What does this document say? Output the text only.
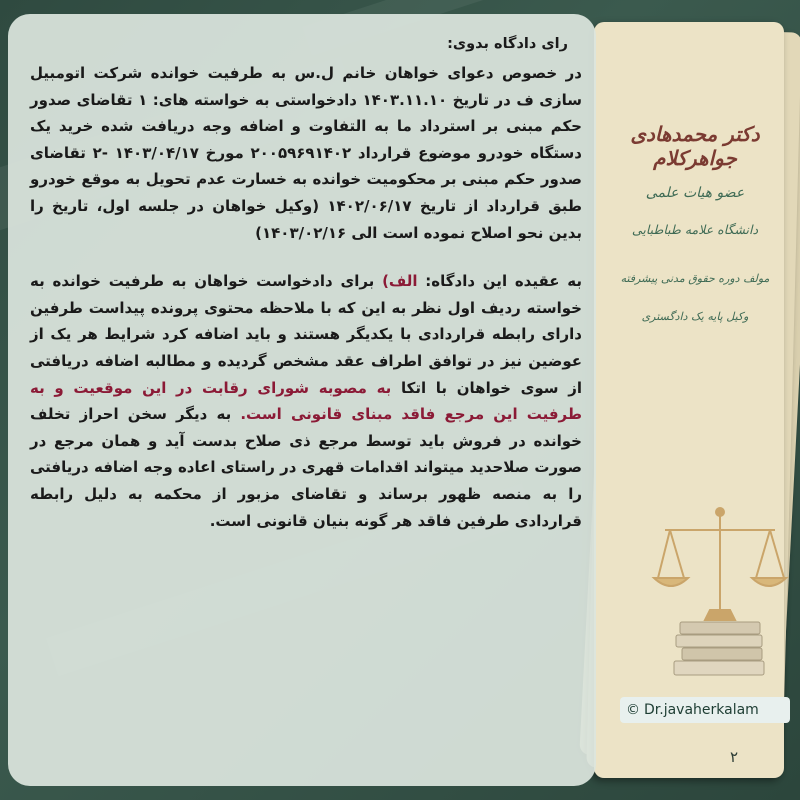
دکتر محمدهادی جواهرکلام

عضو هیات علمی

دانشگاه علامه طباطبایی

مولف دوره حقوق مدنی پیشرفته

وکیل پایه یک دادگستری

© Dr.javaherkalam
۲

رای دادگاه بدوی:

در خصوص دعوای خواهان خانم ل.س به طرفیت خوانده شرکت اتومبیل سازی ف در تاریخ ۱۴۰۳.۱۱.۱۰ دادخواستی به خواسته های: ۱ تقاضای صدور حکم مبنی بر استرداد ما به التفاوت و اضافه وجه دریافت شده خرید یک دستگاه خودرو موضوع قرارداد ۲۰۰۵۹۶۹۱۴۰۲ مورخ ۱۴۰۳/۰۴/۱۷ -۲ تقاضای صدور حکم مبنی بر محکومیت خوانده به خسارت عدم تحویل به موقع خودرو طبق قرارداد از تاریخ ۱۴۰۲/۰۶/۱۷ (وکیل خواهان در جلسه اول، تاریخ را بدین نحو اصلاح نموده است الی ۱۴۰۳/۰۲/۱۶)

به عقیده این دادگاه: الف) برای دادخواست خواهان به طرفیت خوانده به خواسته ردیف اول نظر به این که با ملاحظه محتوی پرونده پیداست طرفین دارای رابطه قراردادی با یکدیگر هستند و باید اضافه کرد شرایط هر یک از عوضین نیز در توافق اطراف عقد مشخص گردیده و مطالبه اضافه دریافتی از سوی خواهان با اتکا به مصوبه شورای رقابت در این موقعیت و به طرفیت این مرجع فاقد مبنای قانونی است. به دیگر سخن احراز تخلف خوانده در فروش باید توسط مرجع ذی صلاح بدست آید و همان مرجع در صورت صلاحدید میتواند اقدامات قهری در راستای اعاده وجه اضافه دریافتی را به منصه ظهور برساند و تقاضای مزبور از محکمه به دلیل رابطه قراردادی طرفین فاقد هر گونه بنیان قانونی است.
